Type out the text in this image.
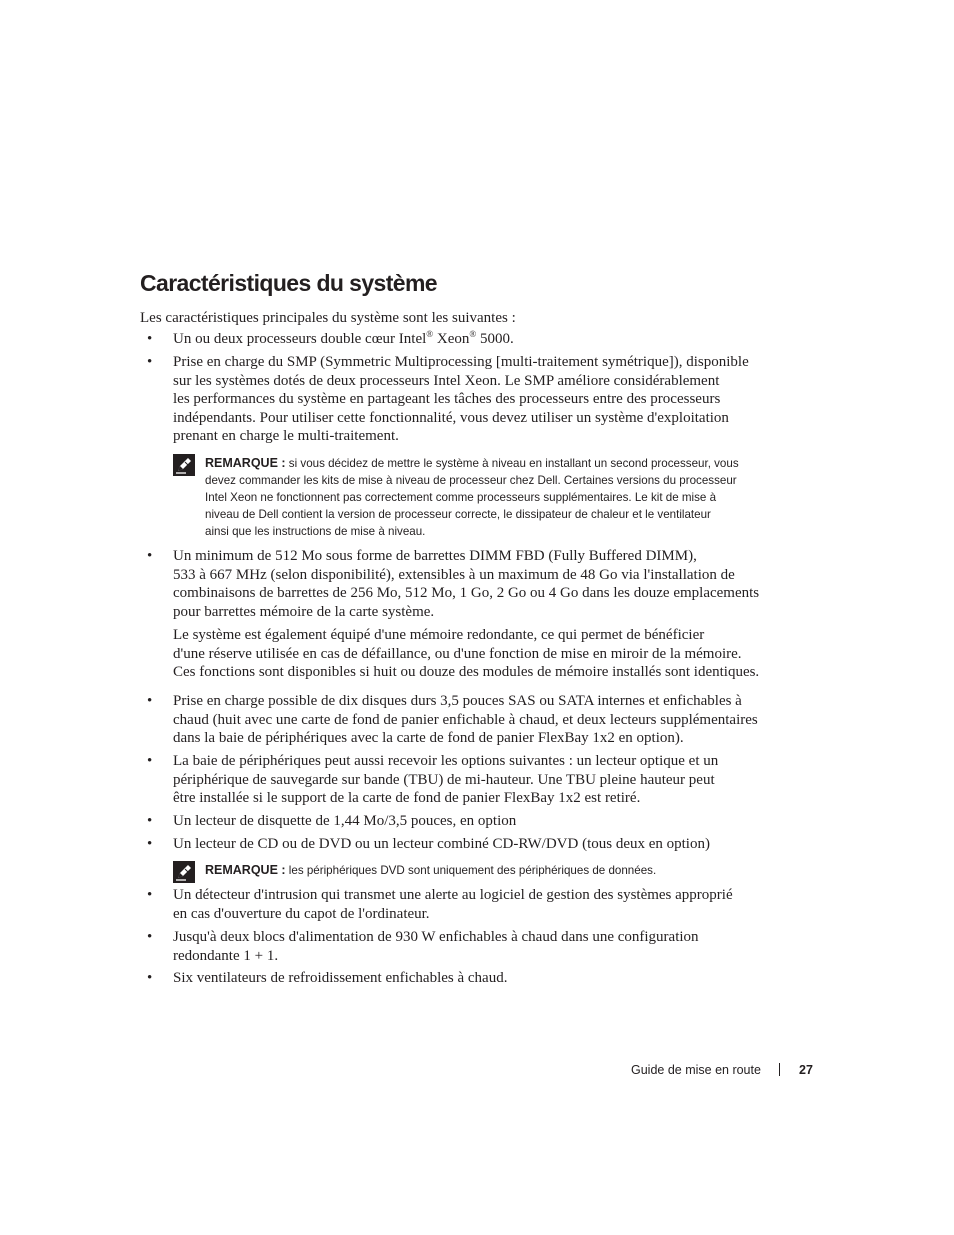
Caractéristiques du système
Les caractéristiques principales du système sont les suivantes :
• Un ou deux processeurs double cœur Intel® Xeon® 5000.
• Prise en charge du SMP (Symmetric Multiprocessing [multi-traitement symétrique]), disponible
sur les systèmes dotés de deux processeurs Intel Xeon. Le SMP améliore considérablement
les performances du système en partageant les tâches des processeurs entre des processeurs
indépendants. Pour utiliser cette fonctionnalité, vous devez utiliser un système d'exploitation
prenant en charge le multi-traitement.
REMARQUE : si vous décidez de mettre le système à niveau en installant un second processeur, vous
devez commander les kits de mise à niveau de processeur chez Dell. Certaines versions du processeur
Intel Xeon ne fonctionnent pas correctement comme processeurs supplémentaires. Le kit de mise à
niveau de Dell contient la version de processeur correcte, le dissipateur de chaleur et le ventilateur
ainsi que les instructions de mise à niveau.
• Un minimum de 512 Mo sous forme de barrettes DIMM FBD (Fully Buffered DIMM),
533 à 667 MHz (selon disponibilité), extensibles à un maximum de 48 Go via l'installation de
combinaisons de barrettes de 256 Mo, 512 Mo, 1 Go, 2 Go ou 4 Go dans les douze emplacements
pour barrettes mémoire de la carte système.
Le système est également équipé d'une mémoire redondante, ce qui permet de bénéficier
d'une réserve utilisée en cas de défaillance, ou d'une fonction de mise en miroir de la mémoire.
Ces fonctions sont disponibles si huit ou douze des modules de mémoire installés sont identiques.
• Prise en charge possible de dix disques durs 3,5 pouces SAS ou SATA internes et enfichables à
chaud (huit avec une carte de fond de panier enfichable à chaud, et deux lecteurs supplémentaires
dans la baie de périphériques avec la carte de fond de panier FlexBay 1x2 en option).
• La baie de périphériques peut aussi recevoir les options suivantes : un lecteur optique et un
périphérique de sauvegarde sur bande (TBU) de mi-hauteur. Une TBU pleine hauteur peut
être installée si le support de la carte de fond de panier FlexBay 1x2 est retiré.
• Un lecteur de disquette de 1,44 Mo/3,5 pouces, en option
• Un lecteur de CD ou de DVD ou un lecteur combiné CD-RW/DVD (tous deux en option)
REMARQUE : les périphériques DVD sont uniquement des périphériques de données.
• Un détecteur d'intrusion qui transmet une alerte au logiciel de gestion des systèmes approprié
en cas d'ouverture du capot de l'ordinateur.
• Jusqu'à deux blocs d'alimentation de 930 W enfichables à chaud dans une configuration
redondante 1 + 1.
• Six ventilateurs de refroidissement enfichables à chaud.
Guide de mise en route	27
